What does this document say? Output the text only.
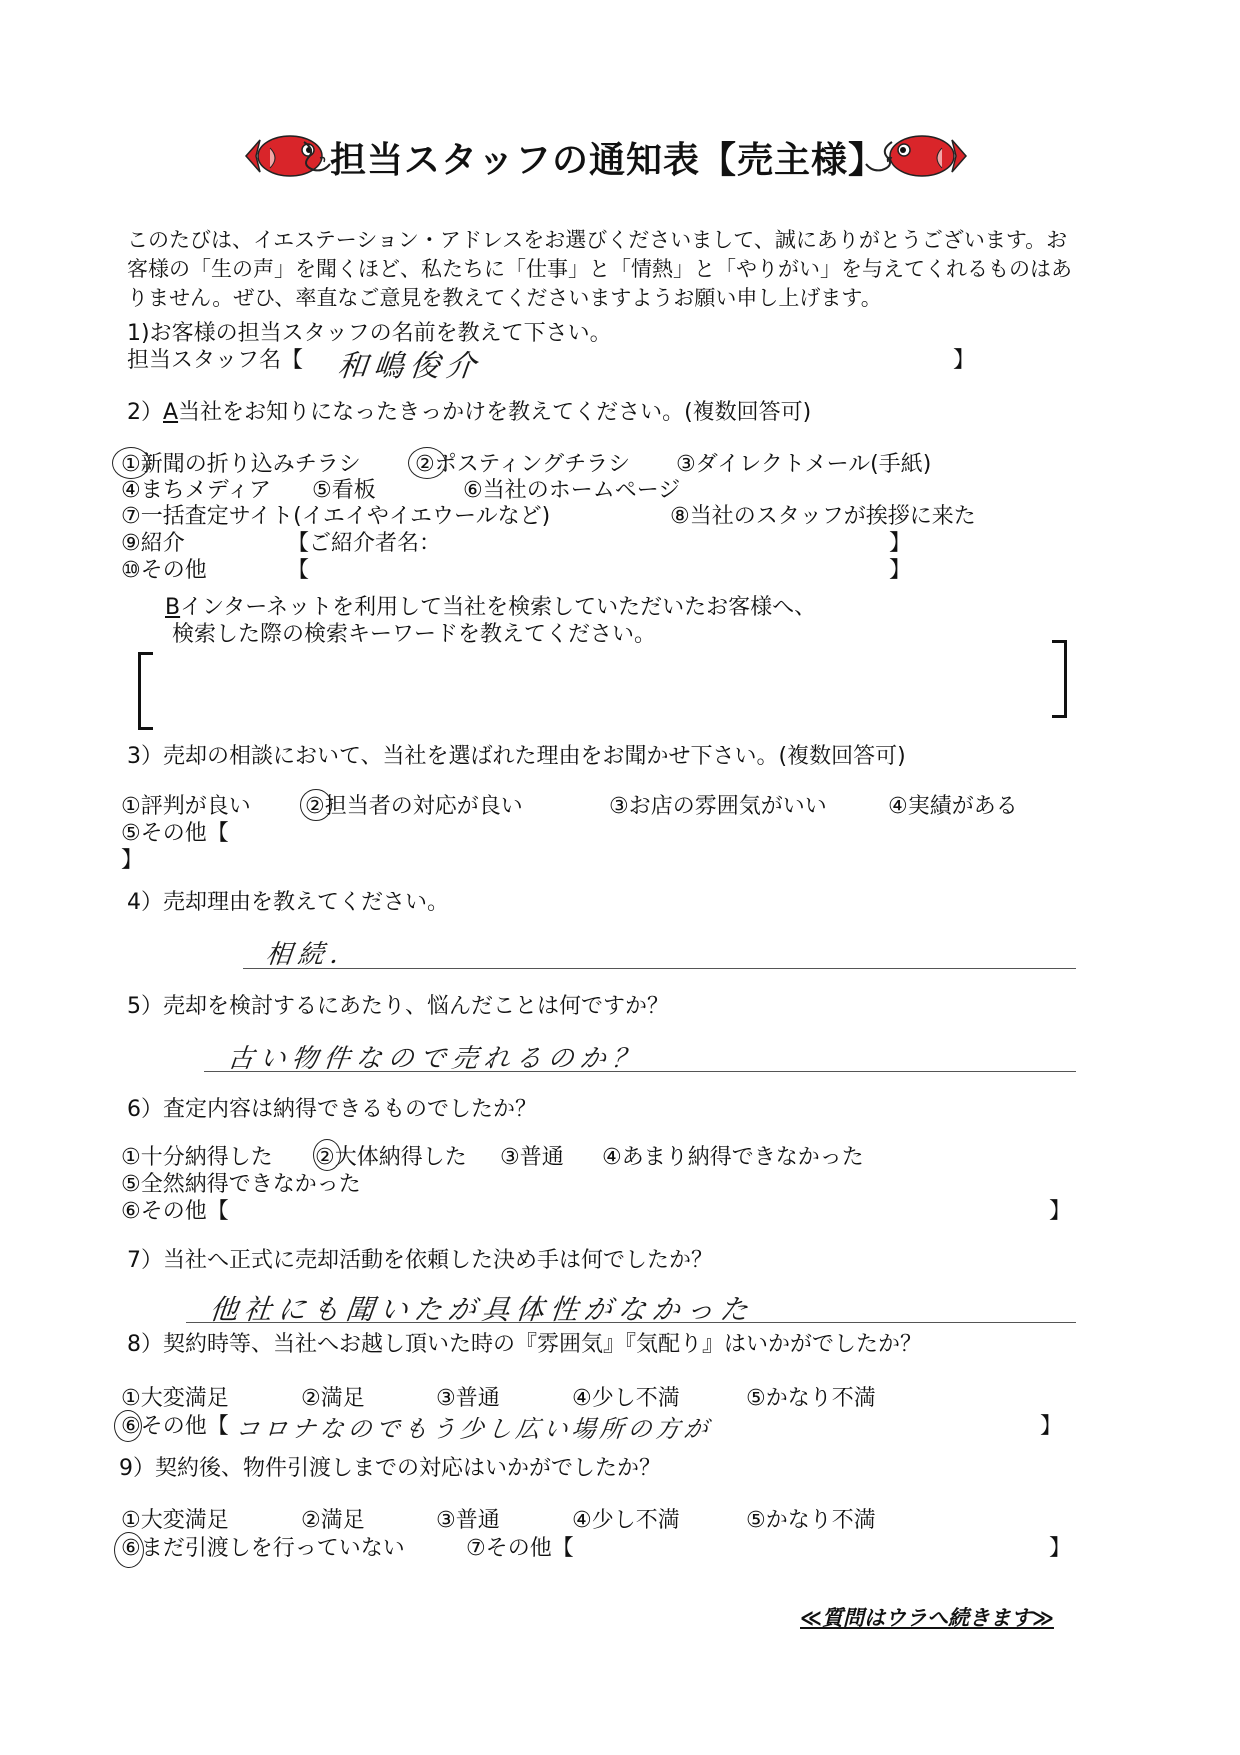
担当スタッフの通知表【売主様】
このたびは、イエステーション・アドレスをお選びくださいまして、誠にありがとうございます。お客様の「生の声」を聞くほど、私たちに「仕事」と「情熱」と「やりがい」を与えてくれるものはありません。ぜひ、率直なご意見を教えてくださいますようお願い申し上げます。
1)お客様の担当スタッフの名前を教えて下さい。
担当スタッフ名【 和嶋俊介	】
2）A当社をお知りになったきっかけを教えてください。(複数回答可)
①新聞の折り込みチラシ ②ポスティングチラシ ③ダイレクトメール(手紙)
④まちメディア ⑤看板	⑥当社のホームページ
⑦一括査定サイト(イエイやイエウールなど)	⑧当社のスタッフが挨拶に来た
⑨紹介	【ご紹介者名：	】
⑩その他	【	】
Bインターネットを利用して当社を検索していただいたお客様へ、
検索した際の検索キーワードを教えてください。
3）売却の相談において、当社を選ばれた理由をお聞かせ下さい。(複数回答可)
①評判が良い ②担当者の対応が良い	③お店の雰囲気がいい	④実績がある
⑤その他【
】
4）売却理由を教えてください。
相続．
5）売却を検討するにあたり、悩んだことは何ですか？
古い物件なので売れるのか？
6）査定内容は納得できるものでしたか？
①十分納得した ②大体納得した ③普通 ④あまり納得できなかった
⑤全然納得できなかった
⑥その他【	】
7）当社へ正式に売却活動を依頼した決め手は何でしたか？
他社にも聞いたが具体性がなかった
8）契約時等、当社へお越し頂いた時の『雰囲気』『気配り』はいかがでしたか？
①大変満足	②満足	③普通	④少し不満	⑤かなり不満
⑥その他【 コロナなのでもう少し広い場所の方が	】
9）契約後、物件引渡しまでの対応はいかがでしたか？
①大変満足	②満足	③普通	④少し不満	⑤かなり不満
⑥まだ引渡しを行っていない	⑦その他【	】
≪質問はウラへ続きます≫
